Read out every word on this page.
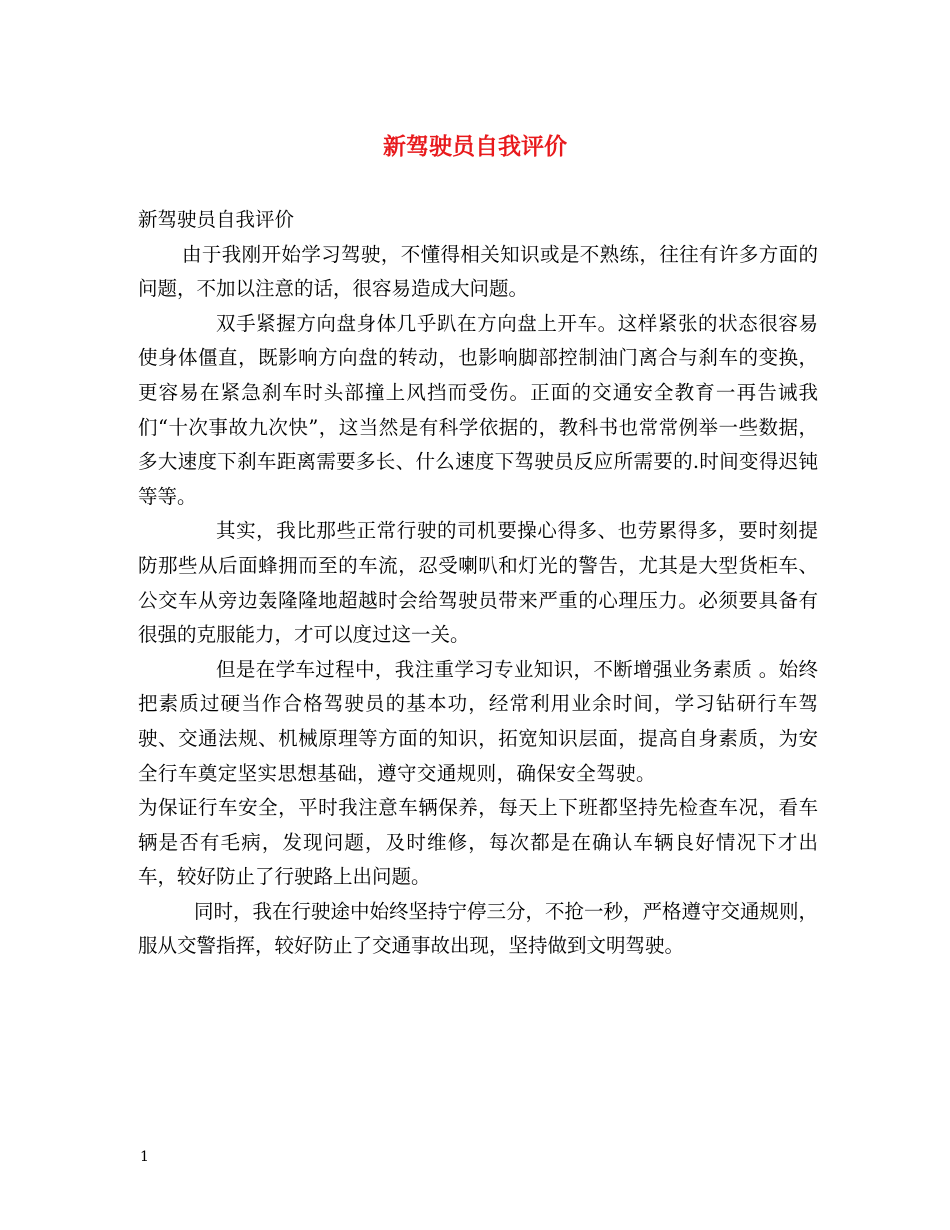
新驾驶员自我评价

新驾驶员自我评价

由于我刚开始学习驾驶，不懂得相关知识或是不熟练，往往有许多方面的问题，不加以注意的话，很容易造成大问题。

双手紧握方向盘身体几乎趴在方向盘上开车。这样紧张的状态很容易使身体僵直，既影响方向盘的转动，也影响脚部控制油门离合与刹车的变换，更容易在紧急刹车时头部撞上风挡而受伤。正面的交通安全教育一再告诫我们“十次事故九次快”，这当然是有科学依据的，教科书也常常例举一些数据，多大速度下刹车距离需要多长、什么速度下驾驶员反应所需要的.时间变得迟钝等等。

其实，我比那些正常行驶的司机要操心得多、也劳累得多，要时刻提防那些从后面蜂拥而至的车流，忍受喇叭和灯光的警告，尤其是大型货柜车、公交车从旁边轰隆隆地超越时会给驾驶员带来严重的心理压力。必须要具备有很强的克服能力，才可以度过这一关。

但是在学车过程中，我注重学习专业知识，不断增强业务素质 。始终把素质过硬当作合格驾驶员的基本功，经常利用业余时间，学习钻研行车驾驶、交通法规、机械原理等方面的知识，拓宽知识层面，提高自身素质，为安全行车奠定坚实思想基础，遵守交通规则，确保安全驾驶。为保证行车安全，平时我注意车辆保养，每天上下班都坚持先检查车况，看车辆是否有毛病，发现问题，及时维修，每次都是在确认车辆良好情况下才出车，较好防止了行驶路上出问题。

同时，我在行驶途中始终坚持宁停三分，不抢一秒，严格遵守交通规则，服从交警指挥，较好防止了交通事故出现，坚持做到文明驾驶。

1
